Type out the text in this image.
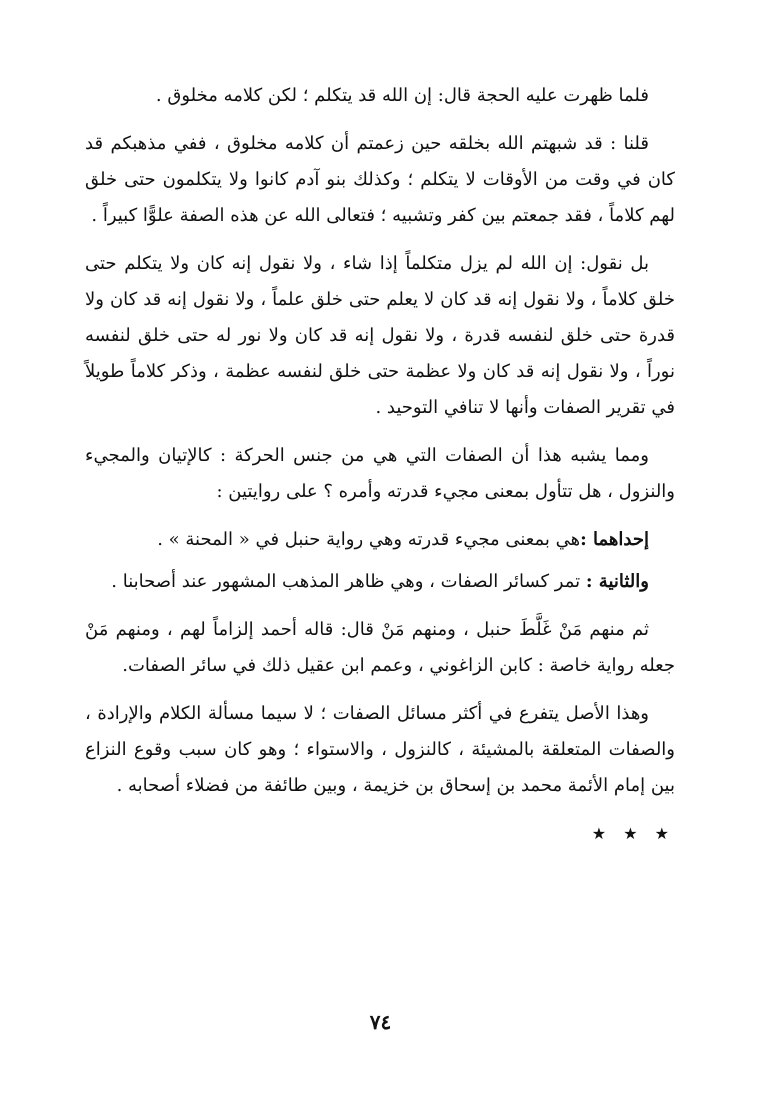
فلما ظهرت عليه الحجة قال: إن الله قد يتكلم ؛ لكن كلامه مخلوق .

قلنا : قد شبهتم الله بخلقه حين زعمتم أن كلامه مخلوق ، ففي مذهبكم قد كان في وقت من الأوقات لا يتكلم ؛ وكذلك بنو آدم كانوا ولا يتكلمون حتى خلق لهم كلاماً ، فقد جمعتم بين كفر وتشبيه ؛ فتعالى الله عن هذه الصفة علوًّا كبيراً .

بل نقول: إن الله لم يزل متكلماً إذا شاء ، ولا نقول إنه كان ولا يتكلم حتى خلق كلاماً ، ولا نقول إنه قد كان لا يعلم حتى خلق علماً ، ولا نقول إنه قد كان ولا قدرة حتى خلق لنفسه قدرة ، ولا نقول إنه قد كان ولا نور له حتى خلق لنفسه نوراً ، ولا نقول إنه قد كان ولا عظمة حتى خلق لنفسه عظمة ، وذكر كلاماً طويلاً في تقرير الصفات وأنها لا تنافي التوحيد .

ومما يشبه هذا أن الصفات التي هي من جنس الحركة : كالإتيان والمجيء والنزول ، هل تتأول بمعنى مجيء قدرته وأمره ؟ على روايتين :

إحداهما :هي بمعنى مجيء قدرته وهي رواية حنبل في « المحنة » .

والثانية : تمر كسائر الصفات ، وهي ظاهر المذهب المشهور عند أصحابنا .

ثم منهم مَنْ غَلَّطَ حنبل ، ومنهم مَنْ قال: قاله أحمد إلزاماً لهم ، ومنهم مَنْ جعله رواية خاصة : كابن الزاغوني ، وعمم ابن عقيل ذلك في سائر الصفات.

وهذا الأصل يتفرع في أكثر مسائل الصفات ؛ لا سيما مسألة الكلام والإرادة ، والصفات المتعلقة بالمشيئة ، كالنزول ، والاستواء ؛ وهو كان سبب وقوع النزاع بين إمام الأئمة محمد بن إسحاق بن خزيمة ، وبين طائفة من فضلاء أصحابه .

★ ★ ★
٧٤
